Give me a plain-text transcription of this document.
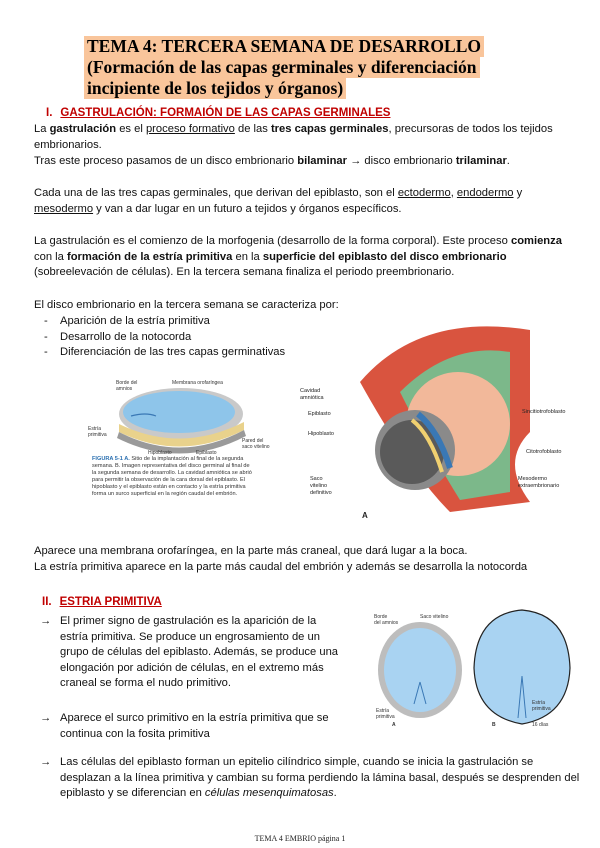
TEMA 4: TERCERA SEMANA DE DESARROLLO
(Formación de las capas germinales y diferenciación
incipiente de los tejidos y órganos)
I. GASTRULACIÓN: FORMAIÓN DE LAS CAPAS GERMINALES
La gastrulación es el proceso formativo de las tres capas germinales, precursoras de todos los tejidos embrionarios.
Tras este proceso pasamos de un disco embrionario bilaminar → disco embrionario trilaminar.
Cada una de las tres capas germinales, que derivan del epiblasto, son el ectodermo, endodermo y mesodermo y van a dar lugar en un futuro a tejidos y órganos específicos.
La gastrulación es el comienzo de la morfogenia (desarrollo de la forma corporal). Este proceso comienza con la formación de la estría primitiva en la superficie del epiblasto del disco embrionario (sobreelevación de células). En la tercera semana finaliza el periodo preembrionario.
El disco embrionario en la tercera semana se caracteriza por:
- Aparición de la estría primitiva
- Desarrollo de la notocorda
- Diferenciación de las tres capas germinativas
Borde del
amnios
Membrana orofaríngea
Estría
primitiva
Hipoblasto	Epiblasto
Pared del
saco vitelino
FIGURA 5-1 A. Sitio de la implantación al final de la segunda semana. B. Imagen representativa del disco germinal al final de la segunda semana de desarrollo. La cavidad amniótica se abrió para permitir la observación de la cara dorsal del epiblasto. El hipoblasto y el epiblasto están en contacto y la estría primitiva forma un surco superficial en la región caudal del embrión.
Cavidad
amniótica
Epiblasto
Hipoblasto
Saco
vitelino
definitivo
Sincitiotrofoblasto
Citotrofoblasto
Mesodermo
extraembrionario
A
Aparece una membrana orofaríngea, en la parte más craneal, que dará lugar a la boca.
La estría primitiva aparece en la parte más caudal del embrión y además se desarrolla la notocorda
II. ESTRIA PRIMITIVA
→ El primer signo de gastrulación es la aparición de la
estría primitiva. Se produce un engrosamiento de un
grupo de células del epiblasto. Además, se produce una
elongación por adición de células, en el extremo más
craneal se forma el nudo primitivo.
→ Aparece el surco primitivo en la estría primitiva que se
continua con la fosita primitiva
→ Las células del epiblasto forman un epitelio cilíndrico simple, cuando se inicia la gastrulación se desplazan a la línea primitiva y cambian su forma perdiendo la lámina basal, después se desprenden del epiblasto y se diferencian en células mesenquimatosas.
Borde
del amnios
Saco vitelino
Estría
primitiva
Estría
primitiva
A	B	16 días
TEMA 4 EMBRIO página 1
